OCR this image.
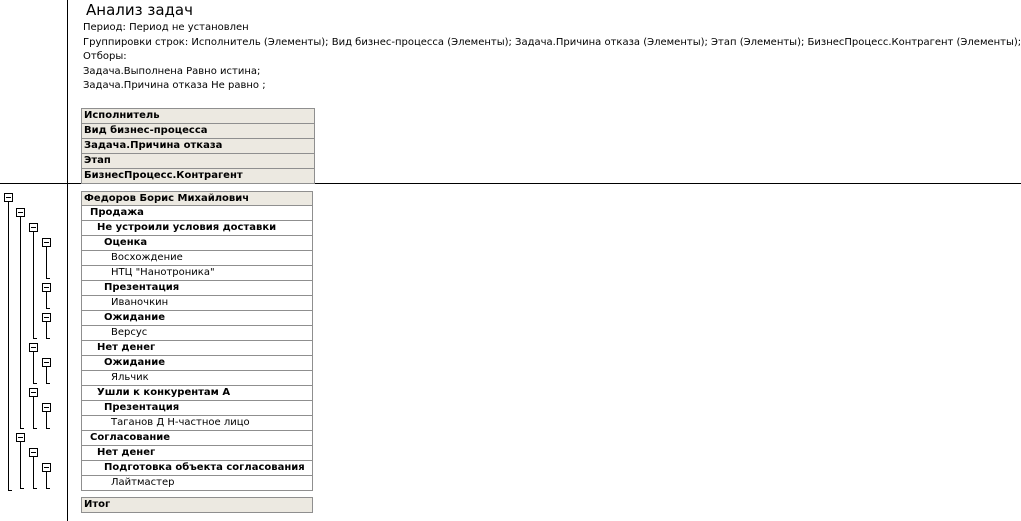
Анализ задач
Период: Период не установлен
Группировки строк: Исполнитель (Элементы); Вид бизнес-процесса (Элементы); Задача.Причина отказа (Элементы); Этап (Элементы); БизнесПроцесс.Контрагент (Элементы);
Отборы:
Задача.Выполнена Равно истина;
Задача.Причина отказа Не равно ;
Исполнитель
Вид бизнес-процесса
Задача.Причина отказа
Этап
БизнесПроцесс.Контрагент
Федоров Борис Михайлович
Продажа
Не устроили условия доставки
Оценка
Восхождение
НТЦ "Нанотроника"
Презентация
Иваночкин
Ожидание
Версус
Нет денег
Ожидание
Яльчик
Ушли к конкурентам А
Презентация
Таганов Д Н-частное лицо
Согласование
Нет денег
Подготовка объекта согласования
Лайтмастер
Итог
